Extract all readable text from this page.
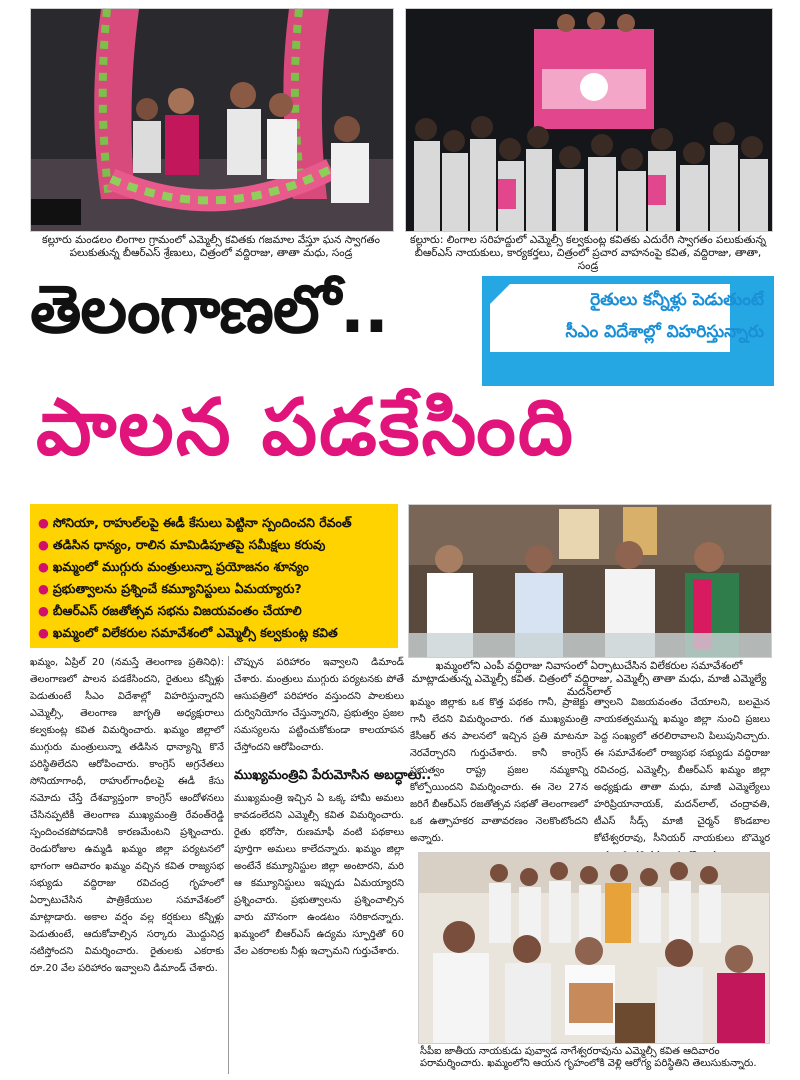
కల్లూరు మండలం లింగాల గ్రామంలో ఎమ్మెల్సీ కవితకు గజమాల వేస్తూ ఘన స్వాగతం పలుకుతున్న బీఆర్ఎస్ శ్రేణులు, చిత్రంలో వద్దిరాజు, తాతా మధు, సండ్ర
కల్లూరు: లింగాల సరిహద్దులో ఎమ్మెల్సీ కల్వకుంట్ల కవితకు ఎదురేగి స్వాగతం పలుకుతున్న బీఆర్ఎస్ నాయకులు, కార్యకర్తలు, చిత్రంలో ప్రచార వాహనంపై కవిత, వద్దిరాజు, తాతా, సండ్ర
తెలంగాణలో..	రైతులు కన్నీళ్లు పెడుతుంటే
సీఎం విదేశాల్లో విహరిస్తున్నారు
పాలన పడకేసింది
● సోనియా, రాహుల్‌లపై ఈడీ కేసులు పెట్టినా స్పందించని రేవంత్
● తడిసిన ధాన్యం, రాలిన మామిడిపూతపై సమీక్షలు కరువు
● ఖమ్మంలో ముగ్గురు మంత్రులున్నా ప్రయోజనం శూన్యం
● ప్రభుత్వాలను ప్రశ్నించే కమ్యూనిస్టులు ఏమయ్యారు?
● బీఆర్ఎస్ రజతోత్సవ సభను విజయవంతం చేయాలి
● ఖమ్మంలో విలేకరుల సమావేశంలో ఎమ్మెల్సీ కల్వకుంట్ల కవిత
ఖమ్మంలోని ఎంపీ వద్దిరాజు నివాసంలో ఏర్పాటుచేసిన విలేకరుల సమావేశంలో మాట్లాడుతున్న ఎమ్మెల్సీ కవిత. చిత్రంలో వద్దిరాజు, ఎమ్మెల్సీ తాతా మధు, మాజీ ఎమ్మెల్యే మదన్‌లాల్

ఖమ్మం, ఏప్రిల్ 20 (నమస్తే తెలంగాణ ప్రతినిధి): తెలంగాణలో పాలన పడకేసిందని, రైతులు కన్నీళ్లు పెడుతుంటే సీఎం విదేశాల్లో విహరిస్తున్నారని ఎమ్మెల్సీ, తెలంగాణ జాగృతి అధ్యక్షురాలు కల్వకుంట్ల కవిత విమర్శించారు. ఖమ్మం జిల్లాలో ముగ్గురు మంత్రులున్నా తడిసిన ధాన్యాన్ని కొనే పరిస్థితిలేదని ఆరోపించారు. కాంగ్రెస్ అగ్రనేతలు సోనియాగాంధీ, రాహుల్‌గాంధీలపై ఈడీ కేసు నమోదు చేస్తే దేశవ్యాప్తంగా కాంగ్రెస్ ఆందోళనలు చేసినప్పటికీ తెలంగాణ ముఖ్యమంత్రి రేవంత్‌రెడ్డి స్పందించకపోవడానికి కారణమేంటని ప్రశ్నించారు. రెండురోజుల ఉమ్మడి ఖమ్మం జిల్లా పర్యటనలో భాగంగా ఆదివారం ఖమ్మం వచ్చిన కవిత రాజ్యసభ సభ్యుడు వద్దిరాజు రవిచంద్ర గృహంలో ఏర్పాటుచేసిన పాత్రికేయుల సమావేశంలో మాట్లాడారు. అకాల వర్షం వల్ల కర్షకులు కన్నీళ్లు పెడుతుంటే, ఆదుకోవాల్సిన సర్కారు మొద్దునిద్ర నటిస్తోందని విమర్శించారు. రైతులకు ఎకరాకు రూ.20 వేల పరిహారం ఇవ్వాలని డిమాండ్ చేశారు.

చొప్పున పరిహారం ఇవ్వాలని డిమాండ్ చేశారు. మంత్రులు ముగ్గురు పర్యటనకు పోతే ఆసుపత్రిలో పరిహారం వస్తుందని పాలకులు దుర్వినియోగం చేస్తున్నారని, ప్రభుత్వం ప్రజల సమస్యలను పట్టించుకోకుండా కాలయాపన చేస్తోందని ఆరోపించారు.

ముఖ్యమంత్రివి పేరుమోసిన అబద్ధాలు..

ముఖ్యమంత్రి ఇచ్చిన ఏ ఒక్క హామీ అమలు కావడంలేదని ఎమ్మెల్సీ కవిత విమర్శించారు. రైతు భరోసా, రుణమాఫీ వంటి పథకాలు పూర్తిగా అమలు కాలేదన్నారు. ఖమ్మం జిల్లా అంటేనే కమ్యూనిస్టుల జిల్లా అంటారని, మరి ఆ కమ్యూనిస్టులు ఇప్పుడు ఏమయ్యారని ప్రశ్నించారు. ప్రభుత్వాలను ప్రశ్నించాల్సిన వారు మౌనంగా ఉండటం సరికాదన్నారు. ఖమ్మంలో బీఆర్ఎస్ ఉద్యమ స్ఫూర్తితో 60 వేల ఎకరాలకు నీళ్లు ఇచ్చామని గుర్తుచేశారు.

ఖమ్మం జిల్లాకు ఒక కొత్త పథకం గానీ, ప్రాజెక్టు గానీ లేదని విమర్శించారు. గత ముఖ్యమంత్రి కేసీఆర్ తన పాలనలో ఇచ్చిన ప్రతి మాటనూ నెరవేర్చారని గుర్తుచేశారు. కానీ కాంగ్రెస్ ప్రభుత్వం రాష్ట్ర ప్రజల నమ్మకాన్ని కోల్పోయిందని విమర్శించారు. ఈ నెల 27న జరిగే బీఆర్ఎస్ రజతోత్సవ సభతో తెలంగాణలో ఒక ఉత్సాహకర వాతావరణం నెలకొంటోందని అన్నారు.

త్వాలని విజయవంతం చేయాలని, బలమైన నాయకత్వమున్న ఖమ్మం జిల్లా నుంచి ప్రజలు పెద్ద సంఖ్యలో తరలిరావాలని పిలుపునిచ్చారు. ఈ సమావేశంలో రాజ్యసభ సభ్యుడు వద్దిరాజు రవిచంద్ర, ఎమ్మెల్సీ, బీఆర్ఎస్ ఖమ్మం జిల్లా అధ్యక్షుడు తాతా మధు, మాజీ ఎమ్మెల్యేలు హరిప్రియానాయక్, మదన్‌లాల్, చంద్రావతి, టీఎస్ సీడ్స్ మాజీ చైర్మన్ కొండబాల కోటేశ్వరరావు, సీనియర్ నాయకులు బొమ్మెర

సీపీఐ జాతీయ నాయకుడు పువ్వాడ నాగేశ్వరరావును ఎమ్మెల్సీ కవిత ఆదివారం పరామర్శించారు. ఖమ్మంలోని ఆయన గృహంలోకి వెళ్లి ఆరోగ్య పరిస్థితిని తెలుసుకున్నారు.
